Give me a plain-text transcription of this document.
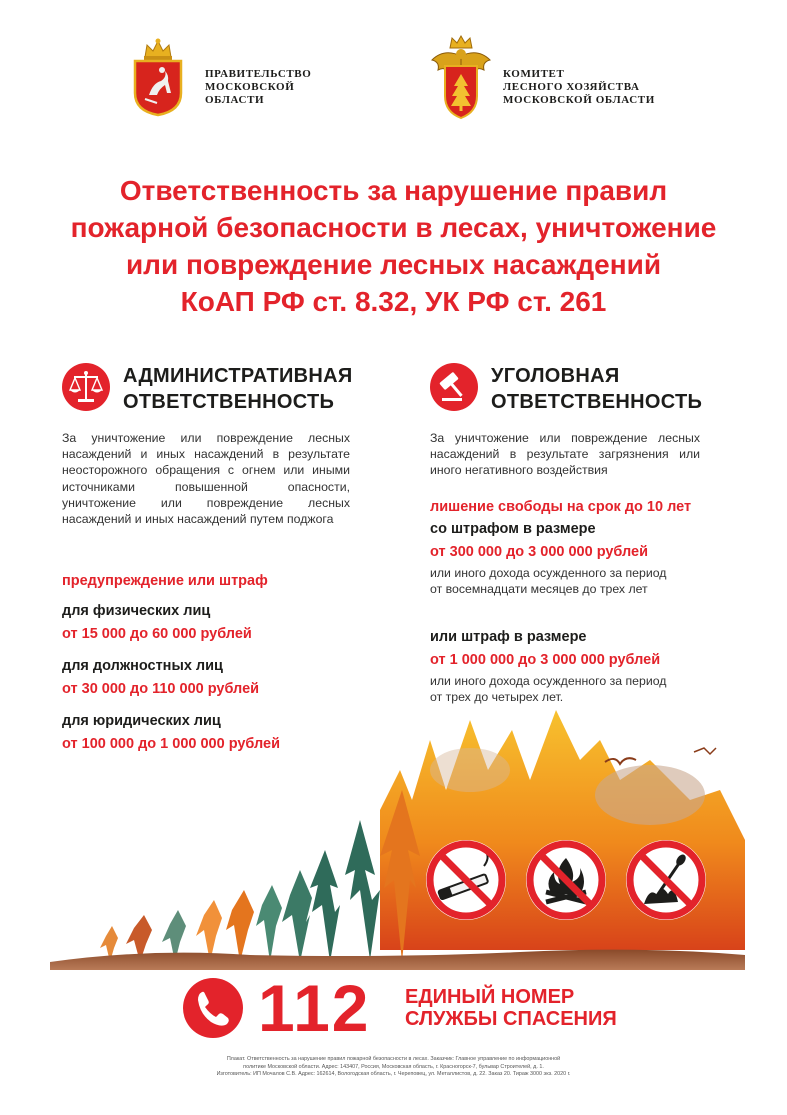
ПРАВИТЕЛЬСТВО
МОСКОВСКОЙ
ОБЛАСТИ
КОМИТЕТ
ЛЕСНОГО ХОЗЯЙСТВА
МОСКОВСКОЙ ОБЛАСТИ
Ответственность за нарушение правил
пожарной безопасности в лесах, уничтожение
или повреждение лесных насаждений
КоАП РФ ст. 8.32, УК РФ ст. 261
АДМИНИСТРАТИВНАЯ
ОТВЕТСТВЕННОСТЬ
За уничтожение или повреждение лесных насаждений и иных насаждений в результате неосторожного обращения с огнем или иными источниками повышенной опасности, уничтожение или повреждение лесных насаждений и иных насаждений путем поджога
предупреждение или штраф
для физических лиц
от 15 000 до 60 000 рублей
для должностных лиц
от 30 000 до 110 000 рублей
для юридических лиц
от 100 000 до 1 000 000 рублей
УГОЛОВНАЯ
ОТВЕТСТВЕННОСТЬ
За уничтожение или повреждение лесных насаждений в результате загрязнения или иного негативного воздействия
лишение свободы на срок до 10 лет
со штрафом в размере
от 300 000 до 3 000 000 рублей
или иного дохода осужденного за период
от восемнадцати месяцев до трех лет
или штраф в размере
от 1 000 000 до 3 000 000 рублей
или иного дохода осужденного за период
от трех до четырех лет.
112 ЕДИНЫЙ НОМЕР
СЛУЖБЫ СПАСЕНИЯ
Плакат. Ответственность за нарушение правил пожарной безопасности в лесах. Заказчик: Главное управление по информационной
политике Московской области. Адрес: 143407, Россия, Московская область, г. Красногорск-7, бульвар Строителей, д. 1.
Изготовитель: ИП Мочалов С.В. Адрес: 162614, Вологодская область, г. Череповец, ул. Металлистов, д. 22. Заказ 20. Тираж 3000 экз. 2020 г.
